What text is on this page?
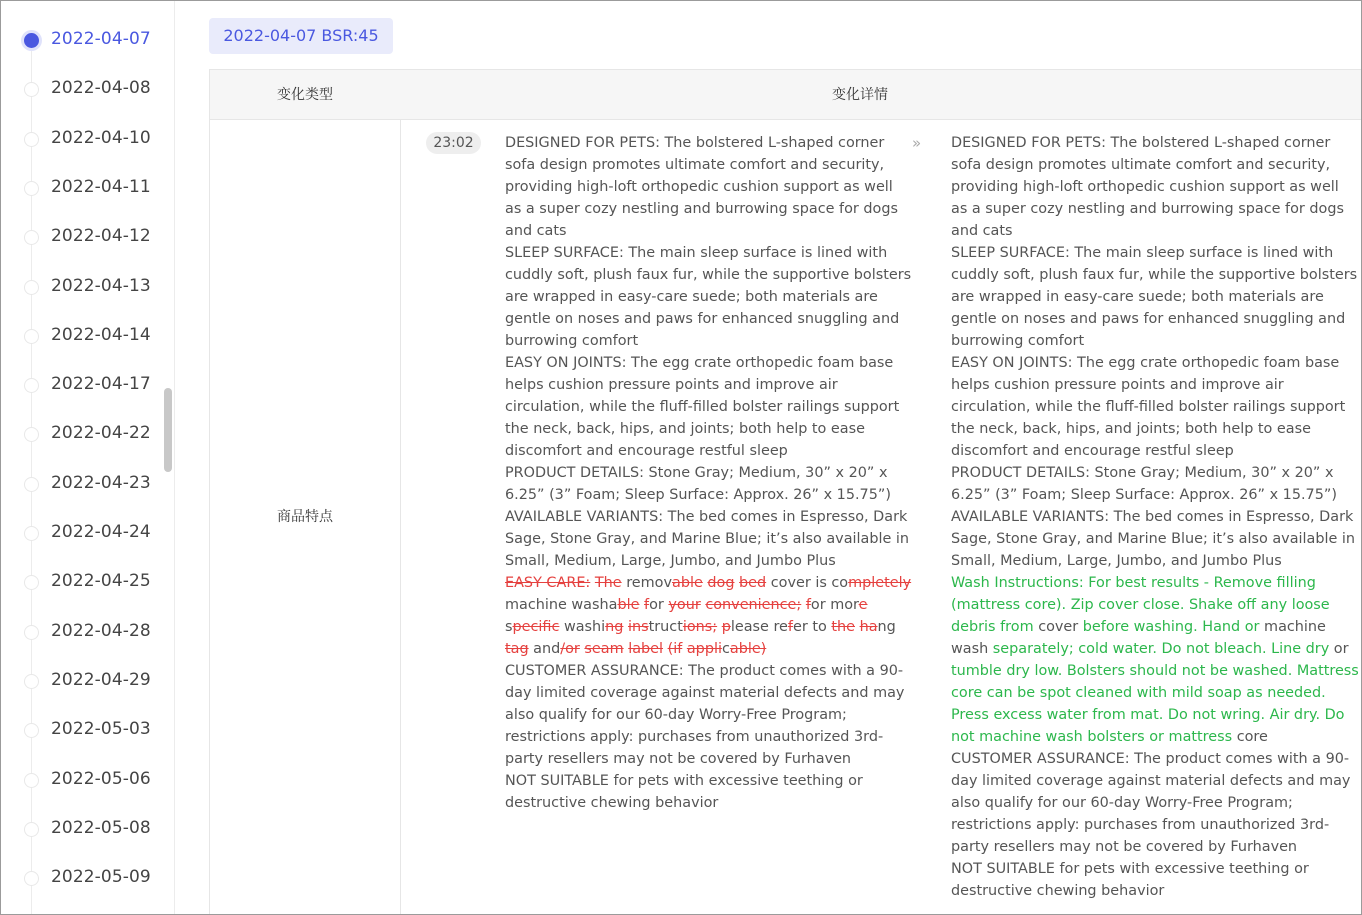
2022-04-07
2022-04-08
2022-04-10
2022-04-11
2022-04-12
2022-04-13
2022-04-14
2022-04-17
2022-04-22
2022-04-23
2022-04-24
2022-04-25
2022-04-28
2022-04-29
2022-05-03
2022-05-06
2022-05-08
2022-05-09
2022-04-07 BSR:45
变化类型	变化详情
商品特点
23:02	DESIGNED FOR PETS: The bolstered L-shaped corner
sofa design promotes ultimate comfort and security,
providing high-loft orthopedic cushion support as well
as a super cozy nestling and burrowing space for dogs
and cats
SLEEP SURFACE: The main sleep surface is lined with
cuddly soft, plush faux fur, while the supportive bolsters
are wrapped in easy-care suede; both materials are
gentle on noses and paws for enhanced snuggling and
burrowing comfort
EASY ON JOINTS: The egg crate orthopedic foam base
helps cushion pressure points and improve air
circulation, while the fluff-filled bolster railings support
the neck, back, hips, and joints; both help to ease
discomfort and encourage restful sleep
PRODUCT DETAILS: Stone Gray; Medium, 30” x 20” x
6.25” (3” Foam; Sleep Surface: Approx. 26” x 15.75”)
AVAILABLE VARIANTS: The bed comes in Espresso, Dark
Sage, Stone Gray, and Marine Blue; it’s also available in
Small, Medium, Large, Jumbo, and Jumbo Plus
EASY CARE: The removable dog bed cover is completely
machine washable for your convenience; for more
specific washing instructions; please refer to the hang
tag and/or seam label (if applicable)
CUSTOMER ASSURANCE: The product comes with a 90-
day limited coverage against material defects and may
also qualify for our 60-day Worry-Free Program;
restrictions apply: purchases from unauthorized 3rd-
party resellers may not be covered by Furhaven
NOT SUITABLE for pets with excessive teething or
destructive chewing behavior
» DESIGNED FOR PETS: The bolstered L-shaped corner
sofa design promotes ultimate comfort and security,
providing high-loft orthopedic cushion support as well
as a super cozy nestling and burrowing space for dogs
and cats
SLEEP SURFACE: The main sleep surface is lined with
cuddly soft, plush faux fur, while the supportive bolsters
are wrapped in easy-care suede; both materials are
gentle on noses and paws for enhanced snuggling and
burrowing comfort
EASY ON JOINTS: The egg crate orthopedic foam base
helps cushion pressure points and improve air
circulation, while the fluff-filled bolster railings support
the neck, back, hips, and joints; both help to ease
discomfort and encourage restful sleep
PRODUCT DETAILS: Stone Gray; Medium, 30” x 20” x
6.25” (3” Foam; Sleep Surface: Approx. 26” x 15.75”)
AVAILABLE VARIANTS: The bed comes in Espresso, Dark
Sage, Stone Gray, and Marine Blue; it’s also available in
Small, Medium, Large, Jumbo, and Jumbo Plus
Wash Instructions: For best results - Remove filling
(mattress core). Zip cover close. Shake off any loose
debris from cover before washing. Hand or machine
wash separately; cold water. Do not bleach. Line dry or
tumble dry low. Bolsters should not be washed. Mattress
core can be spot cleaned with mild soap as needed.
Press excess water from mat. Do not wring. Air dry. Do
not machine wash bolsters or mattress core
CUSTOMER ASSURANCE: The product comes with a 90-
day limited coverage against material defects and may
also qualify for our 60-day Worry-Free Program;
restrictions apply: purchases from unauthorized 3rd-
party resellers may not be covered by Furhaven
NOT SUITABLE for pets with excessive teething or
destructive chewing behavior
